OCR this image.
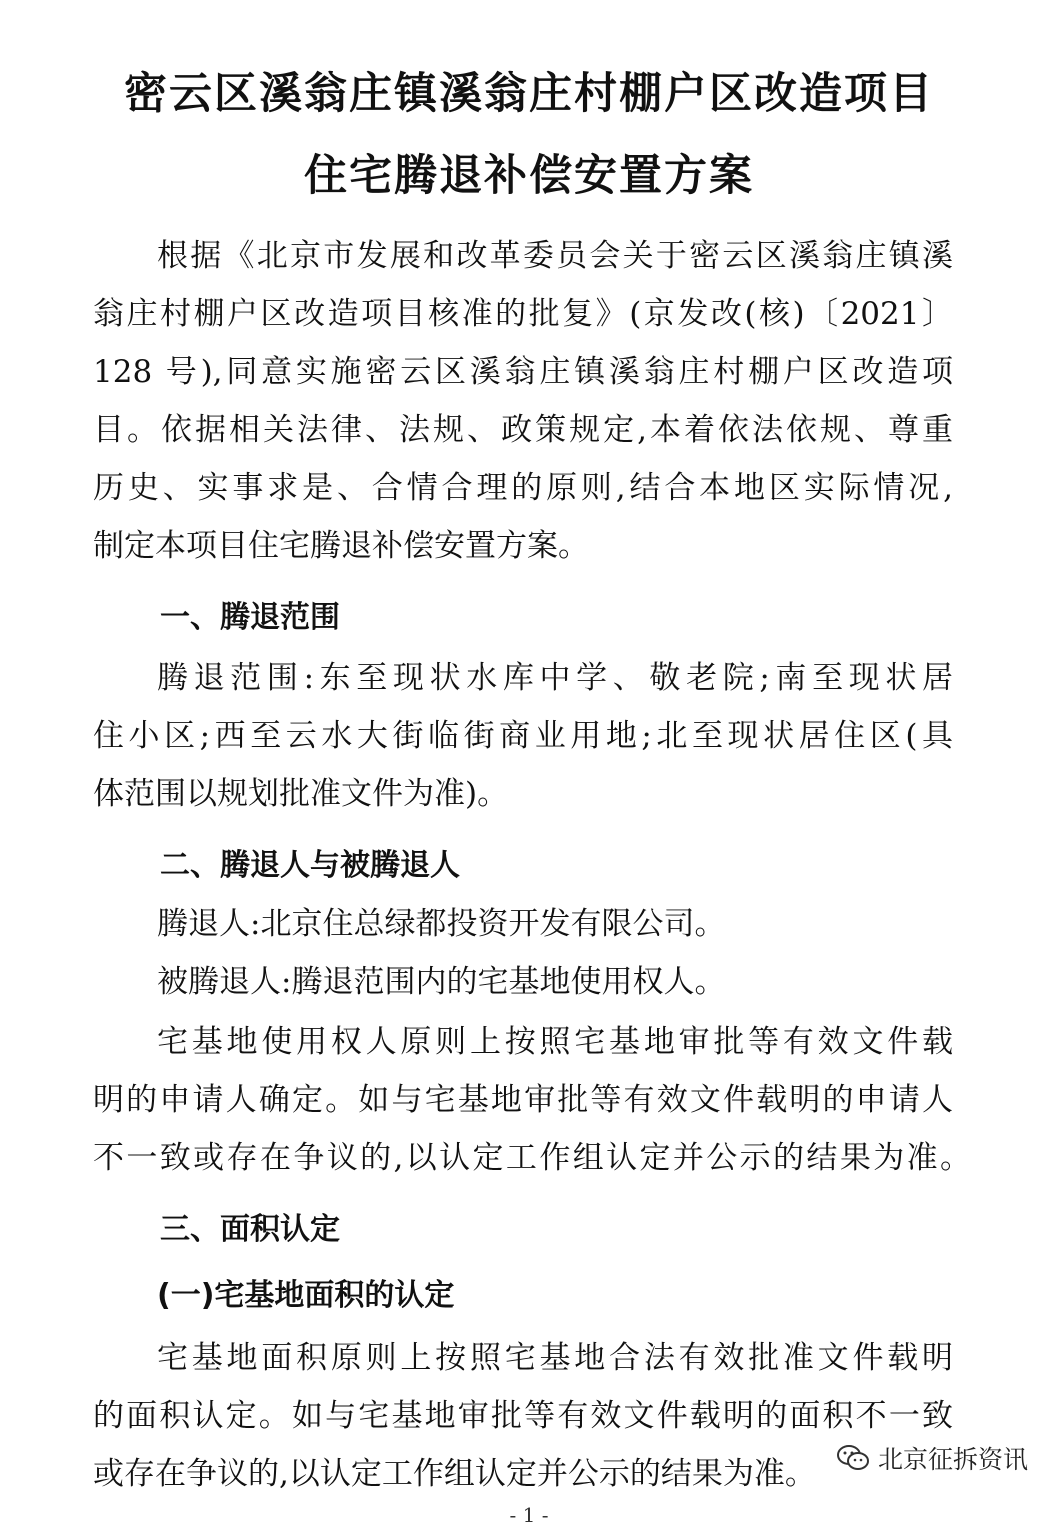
密云区溪翁庄镇溪翁庄村棚户区改造项目
住宅腾退补偿安置方案
根据《北京市发展和改革委员会关于密云区溪翁庄镇溪
翁庄村棚户区改造项目核准的批复》(京发改(核)〔2021〕
128 号),同意实施密云区溪翁庄镇溪翁庄村棚户区改造项
目。依据相关法律、法规、政策规定,本着依法依规、尊重
历史、实事求是、合情合理的原则,结合本地区实际情况,
制定本项目住宅腾退补偿安置方案。
一、腾退范围
腾退范围:东至现状水库中学、敬老院;南至现状居
住小区;西至云水大街临街商业用地;北至现状居住区(具
体范围以规划批准文件为准)。
二、腾退人与被腾退人
腾退人:北京住总绿都投资开发有限公司。
被腾退人:腾退范围内的宅基地使用权人。
宅基地使用权人原则上按照宅基地审批等有效文件载
明的申请人确定。如与宅基地审批等有效文件载明的申请人
不一致或存在争议的,以认定工作组认定并公示的结果为准。
三、面积认定
(一)宅基地面积的认定
宅基地面积原则上按照宅基地合法有效批准文件载明
的面积认定。如与宅基地审批等有效文件载明的面积不一致
或存在争议的,以认定工作组认定并公示的结果为准。 北京征拆资讯
- 1 -
